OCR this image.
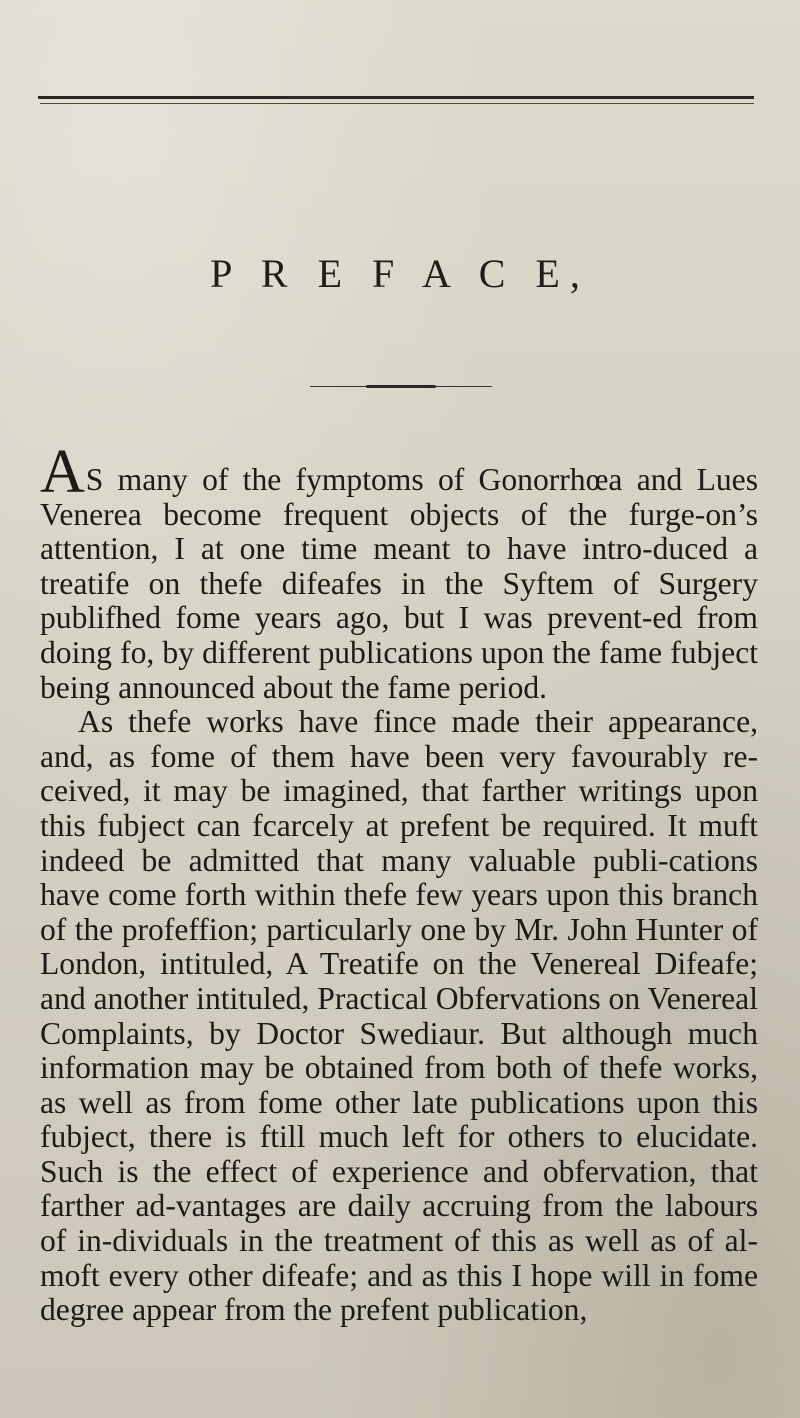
P R E F A C E,

AS many of the fymptoms of Gonorrhœa and Lues Venerea become frequent objects of the furge-on’s attention, I at one time meant to have intro-duced a treatife on thefe difeafes in the Syftem of Surgery publifhed fome years ago, but I was prevent-ed from doing fo, by different publications upon the fame fubject being announced about the fame period.

As thefe works have fince made their appearance, and, as fome of them have been very favourably re-ceived, it may be imagined, that farther writings upon this fubject can fcarcely at prefent be required. It muft indeed be admitted that many valuable publi-cations have come forth within thefe few years upon this branch of the profeffion; particularly one by Mr. John Hunter of London, intituled, A Treatife on the Venereal Difeafe; and another intituled, Practical Obfervations on Venereal Complaints, by Doctor Swediaur. But although much information may be obtained from both of thefe works, as well as from fome other late publications upon this fubject, there is ftill much left for others to elucidate. Such is the effect of experience and obfervation, that farther ad-vantages are daily accruing from the labours of in-dividuals in the treatment of this as well as of al-moft every other difeafe; and as this I hope will in fome degree appear from the prefent publication,
